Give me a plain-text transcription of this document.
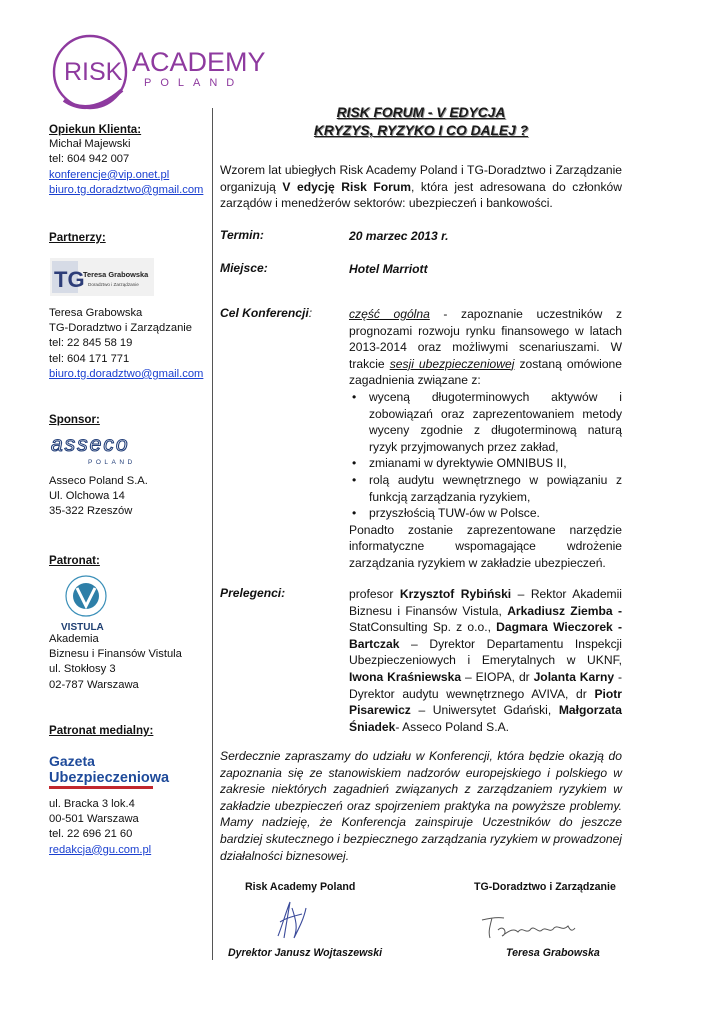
RISK ACADEMY
POLAND
Opiekun Klienta:
Michał Majewski
tel: 604 942 007
konferencje@vip.onet.pl
biuro.tg.doradztwo@gmail.com
Partnerzy:
Teresa Grabowska
TG-Doradztwo i Zarządzanie
tel: 22 845 58 19
tel: 604 171 771
biuro.tg.doradztwo@gmail.com
Sponsor:
Asseco Poland S.A.
Ul. Olchowa 14
35-322 Rzeszów
Patronat:
Akademia
Biznesu i Finansów Vistula
ul. Stokłosy 3
02-787 Warszawa
Patronat medialny:
ul. Bracka 3 lok.4
00-501 Warszawa
tel. 22 696 21 60
redakcja@gu.com.pl
TG
Teresa Grabowska
Doradztwo i Zarządzanie
asseco
POLAND
VISTULA
Gazeta
Ubezpieczeniowa
RISK FORUM - V EDYCJA
KRYZYS, RYZYKO I CO DALEJ ?
Wzorem lat ubiegłych Risk Academy Poland i TG-Doradztwo i Zarządzanie organizują V edycję Risk Forum, która jest adresowana do członków zarządów i menedżerów sektorów: ubezpieczeń i bankowości.
Termin:	20 marzec 2013 r.
Miejsce:	Hotel Marriott
Cel Konferencji:	część ogólna - zapoznanie uczestników z prognozami rozwoju rynku finansowego w latach 2013-2014 oraz możliwymi scenariuszami. W trakcie sesji ubezpieczeniowej zostaną omówione zagadnienia związane z:
• wyceną długoterminowych aktywów i zobowiązań oraz zaprezentowaniem metody wyceny zgodnie z długoterminową naturą ryzyk przyjmowanych przez zakład,
• zmianami w dyrektywie OMNIBUS II,
• rolą audytu wewnętrznego w powiązaniu z funkcją zarządzania ryzykiem,
• przyszłością TUW-ów w Polsce.
Ponadto zostanie zaprezentowane narzędzie informatyczne wspomagające wdrożenie zarządzania ryzykiem w zakładzie ubezpieczeń.
Prelegenci:	profesor Krzysztof Rybiński – Rektor Akademii Biznesu i Finansów Vistula, Arkadiusz Ziemba - StatConsulting Sp. z o.o., Dagmara Wieczorek - Bartczak – Dyrektor Departamentu Inspekcji Ubezpieczeniowych i Emerytalnych w UKNF, Iwona Kraśniewska – EIOPA, dr Jolanta Karny - Dyrektor audytu wewnętrznego AVIVA, dr Piotr Pisarewicz – Uniwersytet Gdański, Małgorzata Śniadek- Asseco Poland S.A.
Serdecznie zapraszamy do udziału w Konferencji, która będzie okazją do zapoznania się ze stanowiskiem nadzorów europejskiego i polskiego w zakresie niektórych zagadnień związanych z zarządzaniem ryzykiem w zakładzie ubezpieczeń oraz spojrzeniem praktyka na powyższe problemy. Mamy nadzieję, że Konferencja zainspiruje Uczestników do jeszcze bardziej skutecznego i bezpiecznego zarządzania ryzykiem w prowadzonej działalności biznesowej.
Risk Academy Poland	TG-Doradztwo i Zarządzanie
Dyrektor Janusz Wojtaszewski	Teresa Grabowska
